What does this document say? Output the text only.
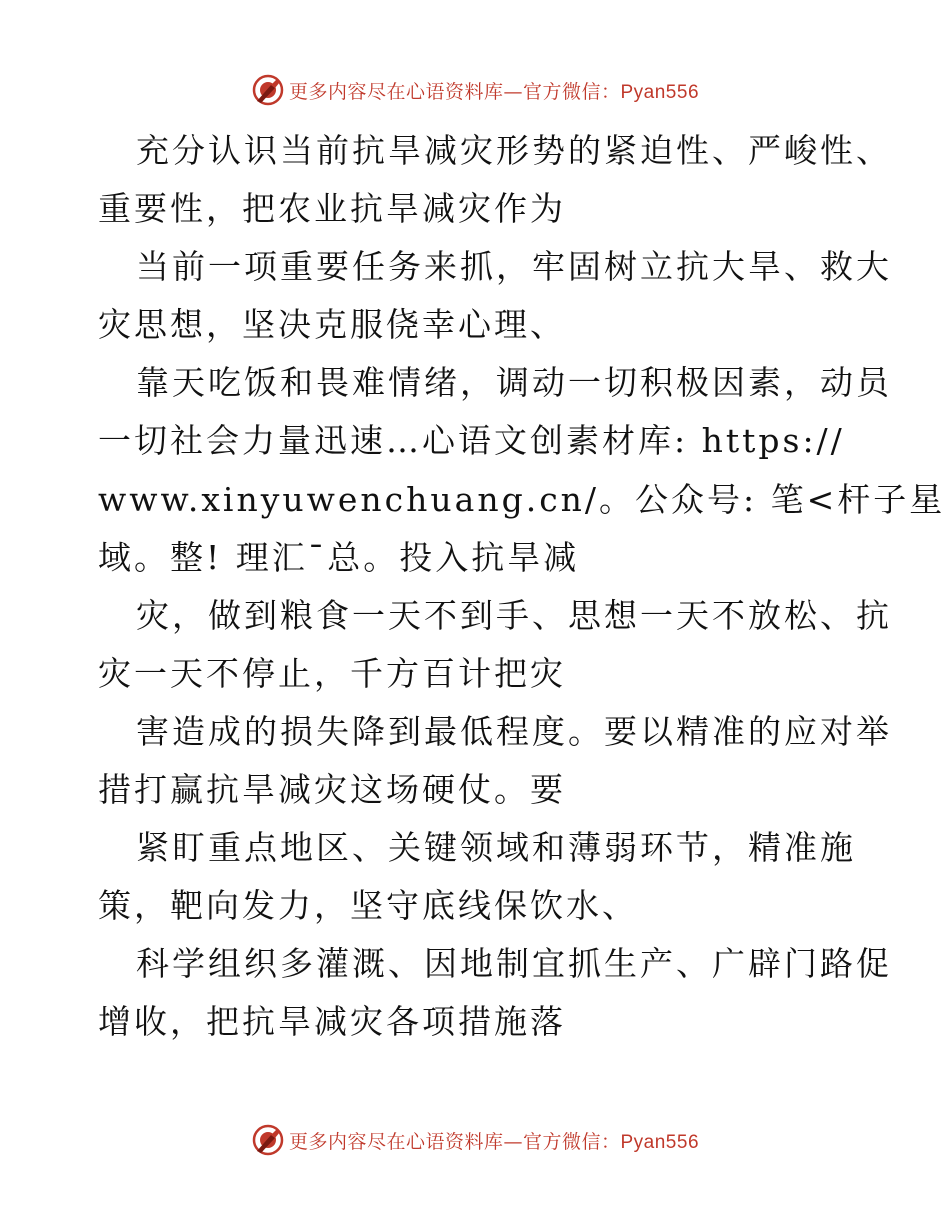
更多内容尽在心语资料库—官方微信：Pyan556
充分认识当前抗旱减灾形势的紧迫性、严峻性、
重要性，把农业抗旱减灾作为
当前一项重要任务来抓，牢固树立抗大旱、救大
灾思想，坚决克服侥幸心理、
靠天吃饭和畏难情绪，调动一切积极因素，动员
一切社会力量迅速…心语文创素材库: https://
www.xinyuwenchuang.cn/。公众号: 笔<杆子星
域。整! 理汇¯总。投入抗旱减
灾，做到粮食一天不到手、思想一天不放松、抗
灾一天不停止，千方百计把灾
害造成的损失降到最低程度。要以精准的应对举
措打赢抗旱减灾这场硬仗。要
紧盯重点地区、关键领域和薄弱环节，精准施
策，靶向发力，坚守底线保饮水、
科学组织多灌溉、因地制宜抓生产、广辟门路促
增收，把抗旱减灾各项措施落
更多内容尽在心语资料库—官方微信：Pyan556
